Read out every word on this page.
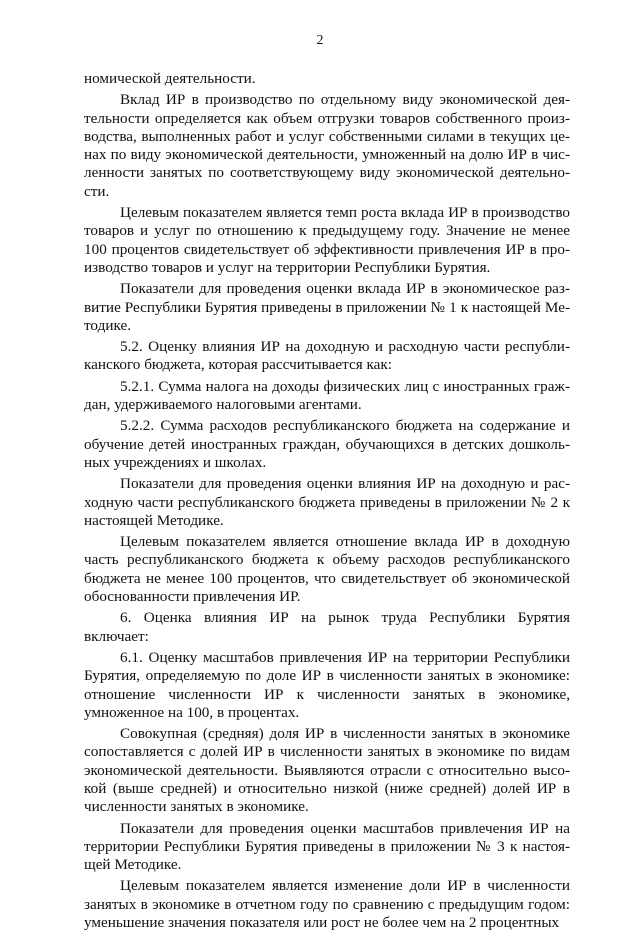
2

номической деятельности.

Вклад ИР в производство по отдельному виду экономической деятельности определяется как объем отгрузки товаров собственного производства, выполненных работ и услуг собственными силами в текущих ценах по виду экономической деятельности, умноженный на долю ИР в численности занятых по соответствующему виду экономической деятельности.

Целевым показателем является темп роста вклада ИР в производство товаров и услуг по отношению к предыдущему году. Значение не менее 100 процентов свидетельствует об эффективности привлечения ИР в производство товаров и услуг на территории Республики Бурятия.

Показатели для проведения оценки вклада ИР в экономическое развитие Республики Бурятия приведены в приложении № 1 к настоящей Методике.

5.2. Оценку влияния ИР на доходную и расходную части республиканского бюджета, которая рассчитывается как:

5.2.1. Сумма налога на доходы физических лиц с иностранных граждан, удерживаемого налоговыми агентами.

5.2.2. Сумма расходов республиканского бюджета на содержание и обучение детей иностранных граждан, обучающихся в детских дошкольных учреждениях и школах.

Показатели для проведения оценки влияния ИР на доходную и расходную части республиканского бюджета приведены в приложении № 2 к настоящей Методике.

Целевым показателем является отношение вклада ИР в доходную часть республиканского бюджета к объему расходов республиканского бюджета не менее 100 процентов, что свидетельствует об экономической обоснованности привлечения ИР.

6. Оценка влияния ИР на рынок труда Республики Бурятия включает:

6.1. Оценку масштабов привлечения ИР на территории Республики Бурятия, определяемую по доле ИР в численности занятых в экономике: отношение численности ИР к численности занятых в экономике, умноженное на 100, в процентах.

Совокупная (средняя) доля ИР в численности занятых в экономике сопоставляется с долей ИР в численности занятых в экономике по видам экономической деятельности. Выявляются отрасли с относительно высокой (выше средней) и относительно низкой (ниже средней) долей ИР в численности занятых в экономике.

Показатели для проведения оценки масштабов привлечения ИР на территории Республики Бурятия приведены в приложении № 3 к настоящей Методике.

Целевым показателем является изменение доли ИР в численности занятых в экономике в отчетном году по сравнению с предыдущим годом: уменьшение значения показателя или рост не более чем на 2 процентных
